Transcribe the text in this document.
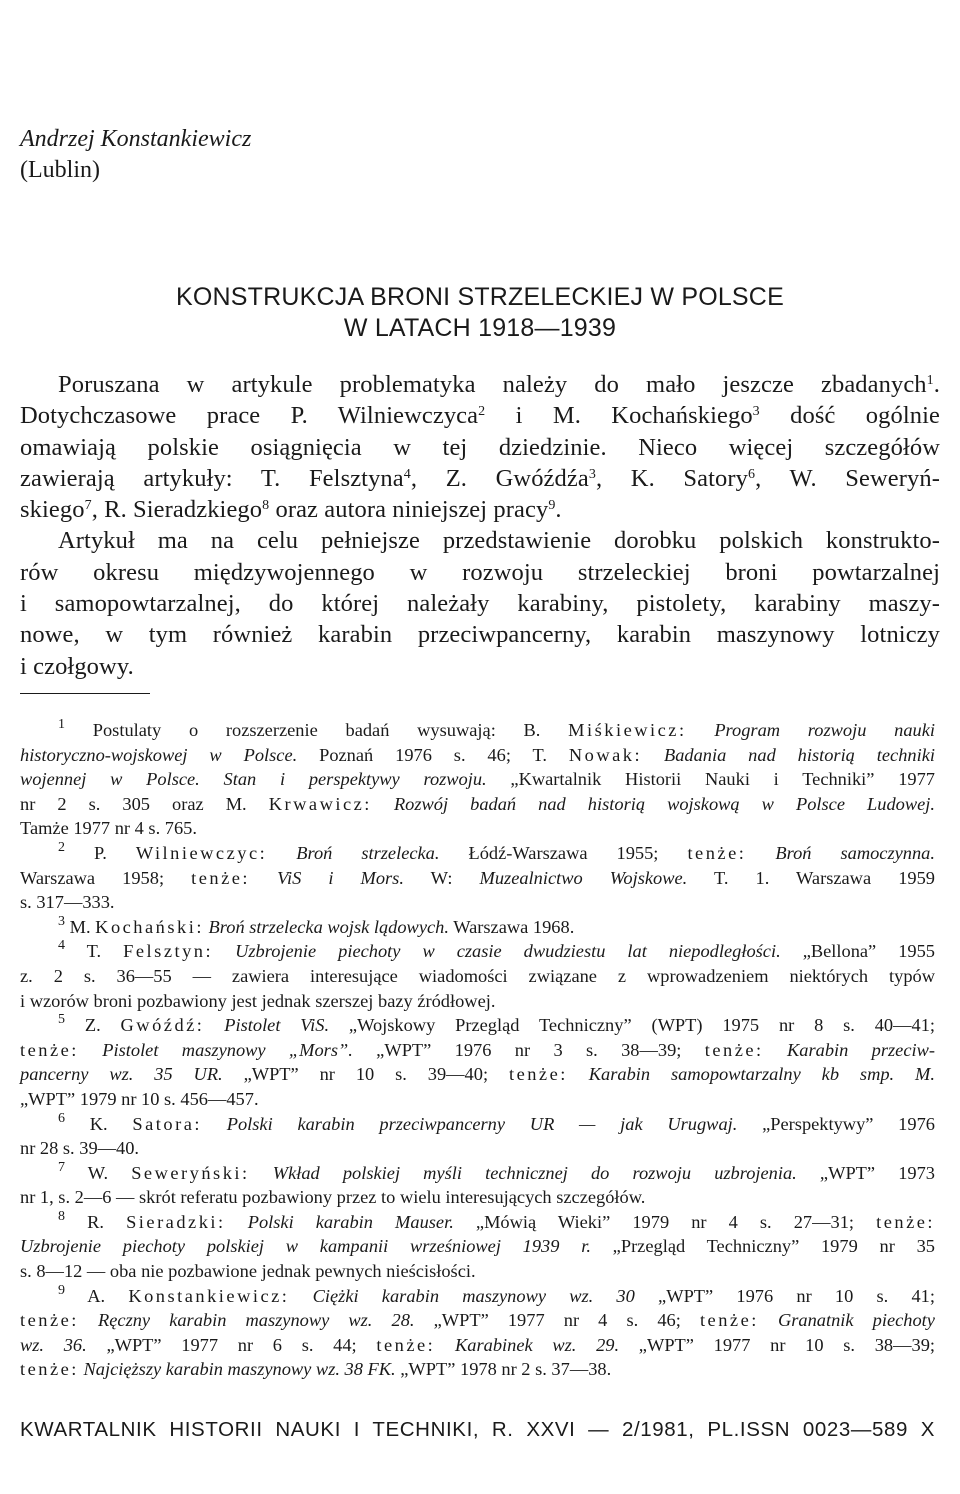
Andrzej Konstankiewicz
(Lublin)
KONSTRUKCJA BRONI STRZELECKIEJ W POLSCE
W LATACH 1918—1939
Poruszana w artykule problematyka należy do mało jeszcze zbadanych$^1$.
Dotychczasowe prace P. Wilniewczyca$^2$ i M. Kochańskiego$^3$ dość ogólnie
omawiają polskie osiągnięcia w tej dziedzinie. Nieco więcej szczegółów
zawierają artykuły: T. Felsztyna$^4$, Z. Gwóźdźa$^3$, K. Satory$^6$, W. Seweryń-
skiego$^7$, R. Sieradzkiego$^8$ oraz autora niniejszej pracy$^9$.
Artykuł ma na celu pełniejsze przedstawienie dorobku polskich konstrukto-
rów okresu międzywojennego w rozwoju strzeleckiej broni powtarzalnej
i samopowtarzalnej, do której należały karabiny, pistolety, karabiny maszy-
nowe, w tym również karabin przeciwpancerny, karabin maszynowy lotniczy
i czołgowy.
$^1$ Postulaty o rozszerzenie badań wysuwają: B. Miśkiewicz: Program rozwoju nauki
historyczno-wojskowej w Polsce. Poznań 1976 s. 46; T. Nowak: Badania nad historią techniki
wojennej w Polsce. Stan i perspektywy rozwoju. „Kwartalnik Historii Nauki i Techniki” 1977
nr 2 s. 305 oraz M. Krwawicz: Rozwój badań nad historią wojskową w Polsce Ludowej.
Tamże 1977 nr 4 s. 765.
$^2$ P. Wilniewczyc: Broń strzelecka. Łódź-Warszawa 1955; tenże: Broń samoczynna.
Warszawa 1958; tenże: ViS i Mors. W: Muzealnictwo Wojskowe. T. 1. Warszawa 1959
s. 317—333.
$^3$ M. Kochański: Broń strzelecka wojsk lądowych. Warszawa 1968.
$^4$ T. Felsztyn: Uzbrojenie piechoty w czasie dwudziestu lat niepodległości. „Bellona” 1955
z. 2 s. 36—55 — zawiera interesujące wiadomości związane z wprowadzeniem niektórych typów
i wzorów broni pozbawiony jest jednak szerszej bazy źródłowej.
$^5$ Z. Gwóźdź: Pistolet ViS. „Wojskowy Przegląd Techniczny” (WPT) 1975 nr 8 s. 40—41;
tenże: Pistolet maszynowy „Mors”. „WPT” 1976 nr 3 s. 38—39; tenże: Karabin przeciw-
pancerny wz. 35 UR. „WPT” nr 10 s. 39—40; tenże: Karabin samopowtarzalny kb smp. M.
„WPT” 1979 nr 10 s. 456—457.
$^6$ K. Satora: Polski karabin przeciwpancerny UR — jak Urugwaj. „Perspektywy” 1976
nr 28 s. 39—40.
$^7$ W. Seweryński: Wkład polskiej myśli technicznej do rozwoju uzbrojenia. „WPT” 1973
nr 1, s. 2—6 — skrót referatu pozbawiony przez to wielu interesujących szczegółów.
$^8$ R. Sieradzki: Polski karabin Mauser. „Mówią Wieki” 1979 nr 4 s. 27—31; tenże:
Uzbrojenie piechoty polskiej w kampanii wrześniowej 1939 r. „Przegląd Techniczny” 1979 nr 35
s. 8—12 — oba nie pozbawione jednak pewnych nieścisłości.
$^9$ A. Konstankiewicz: Ciężki karabin maszynowy wz. 30 „WPT” 1976 nr 10 s. 41;
tenże: Ręczny karabin maszynowy wz. 28. „WPT” 1977 nr 4 s. 46; tenże: Granatnik piechoty
wz. 36. „WPT” 1977 nr 6 s. 44; tenże: Karabinek wz. 29. „WPT” 1977 nr 10 s. 38—39;
tenże: Najcięższy karabin maszynowy wz. 38 FK. „WPT” 1978 nr 2 s. 37—38.
KWARTALNIK HISTORII NAUKI I TECHNIKI, R. XXVI — 2/1981, PL.ISSN 0023—589 X
